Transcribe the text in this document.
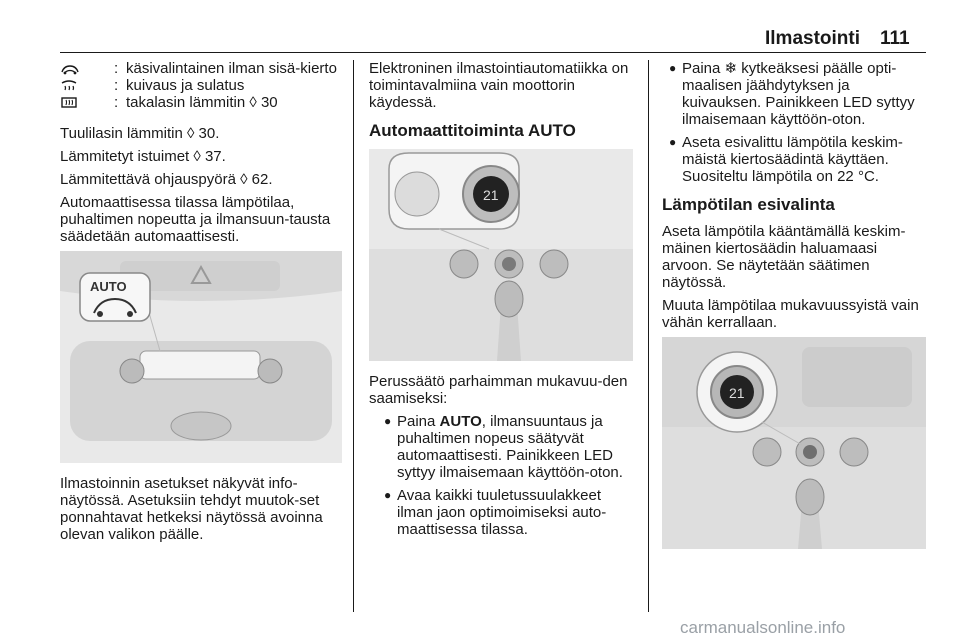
Ilmastointi 111
: käsivalintainen ilman sisä-kierto
: kuivaus ja sulatus
: takalasin lämmitin ◊ 30

Tuulilasin lämmitin ◊ 30.

Lämmitetyt istuimet ◊ 37.

Lämmitettävä ohjauspyörä ◊ 62.

Automaattisessa tilassa lämpötilaa, puhaltimen nopeutta ja ilmansuun-tausta säädetään automaattisesti.

AUTO

Ilmastoinnin asetukset näkyvät info-näytössä. Asetuksiin tehdyt muutok-set ponnahtavat hetkeksi näytössä avoinna olevan valikon päälle.

Elektroninen ilmastointiautomatiikka on toimintavalmiina vain moottorin käydessä.

Automaattitoiminta AUTO
21

Perussäätö parhaimman mukavuu-den saamiseksi:

● Paina AUTO, ilmansuuntaus ja puhaltimen nopeus säätyvät automaattisesti. Painikkeen LED syttyy ilmaisemaan käyttöön-oton.
● Avaa kaikki tuuletussuulakkeet ilman jaon optimoimiseksi auto-maattisessa tilassa.
● Paina ❄ kytkeäksesi päälle opti-maalisen jäähdytyksen ja kuivauksen. Painikkeen LED syttyy ilmaisemaan käyttöön-oton.
● Aseta esivalittu lämpötila keskim-mäistä kiertosäädintä käyttäen. Suositeltu lämpötila on 22 °C.
Lämpötilan esivalinta

Aseta lämpötila kääntämällä keskim-mäinen kiertosäädin haluamaasi arvoon. Se näytetään säätimen näytössä.

Muuta lämpötilaa mukavuussyistä vain vähän kerrallaan.

21
carmanualsonline.info
